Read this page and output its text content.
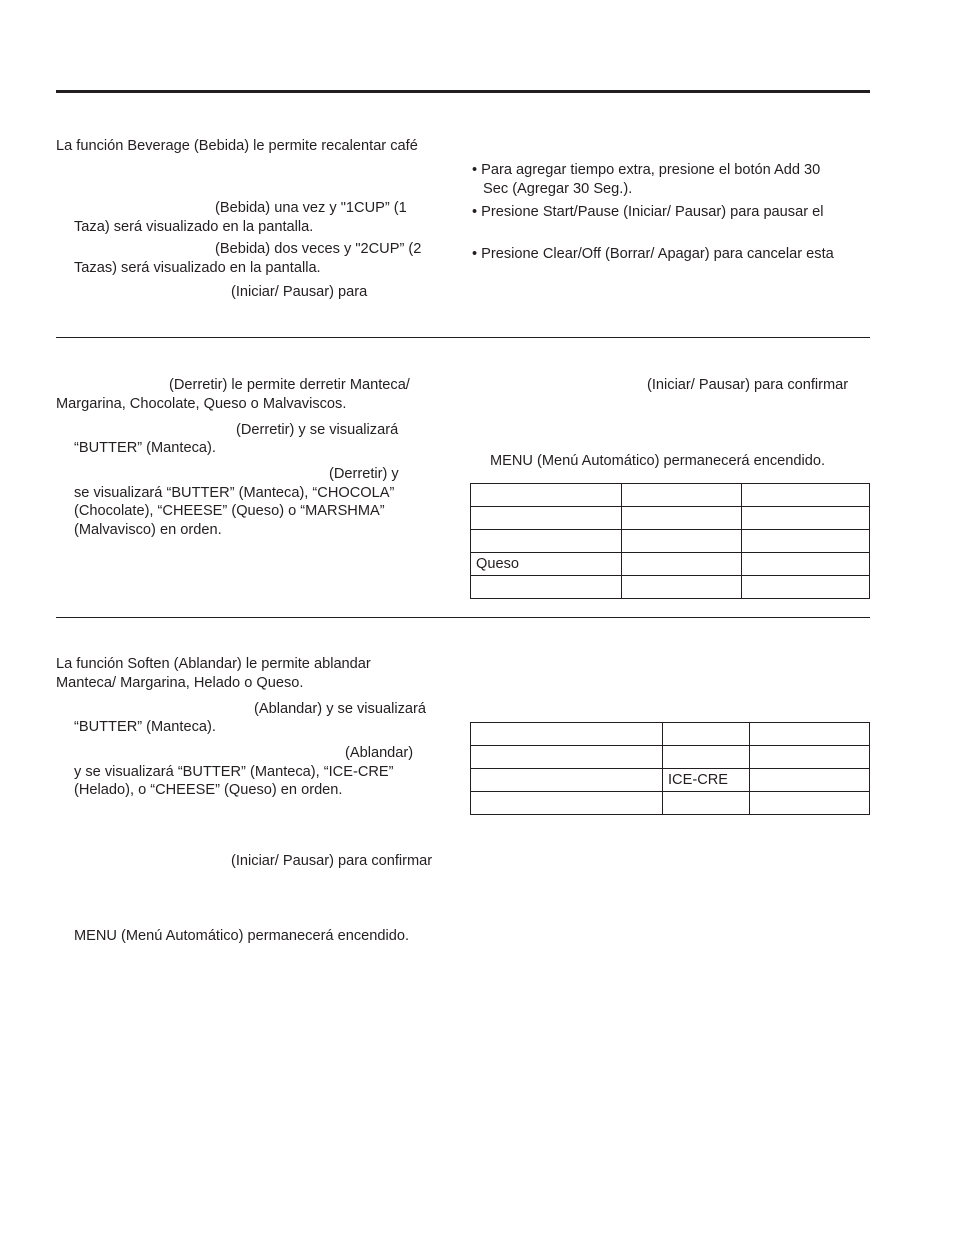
La función Beverage (Bebida) le permite recalentar café

(Bebida) una vez y "1CUP” (1

Taza) será visualizado en la pantalla.

(Bebida) dos veces y "2CUP” (2

Tazas) será visualizado en la pantalla.

(Iniciar/ Pausar) para

• Para agregar tiempo extra, presione el botón Add 30

Sec (Agregar 30 Seg.).

• Presione Start/Pause (Iniciar/ Pausar) para pausar el

• Presione Clear/Off (Borrar/ Apagar) para cancelar esta

(Derretir) le permite derretir Manteca/

Margarina, Chocolate, Queso o Malvaviscos.

(Derretir) y se visualizará

“BUTTER” (Manteca).

(Derretir) y

se visualizará “BUTTER” (Manteca), “CHOCOLA”

(Chocolate), “CHEESE” (Queso) o “MARSHMA”

(Malvavisco) en orden.

(Iniciar/ Pausar) para confirmar

MENU (Menú Automático) permanecerá encendido.

Queso		

La función Soften (Ablandar) le permite ablandar

Manteca/ Margarina, Helado o Queso.

(Ablandar) y se visualizará

“BUTTER” (Manteca).

(Ablandar)

y se visualizará “BUTTER” (Manteca), “ICE-CRE”

(Helado), o “CHEESE” (Queso) en orden.

(Iniciar/ Pausar) para confirmar

MENU (Menú Automático) permanecerá encendido.

	ICE-CRE	
